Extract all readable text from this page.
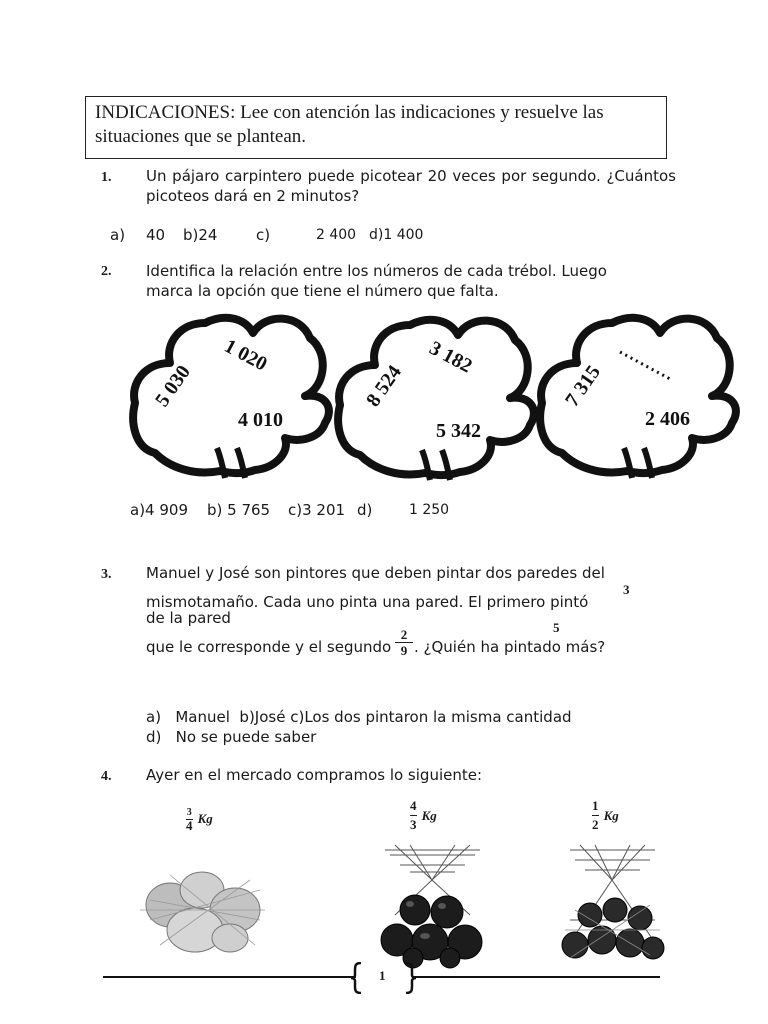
INDICACIONES: Lee con atención las indicaciones y resuelve las situaciones que se plantean.
1. Un pájaro carpintero puede picotear 20 veces por segundo. ¿Cuántos picoteos dará en 2 minutos?
a) 40 b)24	c)	2 400 d)1 400
2. Identifica la relación entre los números de cada trébol. Luego marca la opción que tiene el número que falta.
5 030
1 020
4 010
8 524
3 182
5 342
7 315
2 406
a)4 909 b) 5 765 c)3 201 d)	1 250
3. Manuel y José son pintores que deben pintar dos paredes del
mismotamaño. Cada uno pinta una pared. El primero pintó
3
de la pared
5
que le corresponde y el segundo
2
9 . ¿Quién ha pintado más?
a)   Manuel  b)José c)Los dos pintaron la misma cantidad
d)   No se puede saber
4. Ayer en el mercado compramos lo siguiente:
$\frac{3}{4}$ Kg	$\frac{4}{3}$ Kg	$\frac{1}{2}$ Kg
1
